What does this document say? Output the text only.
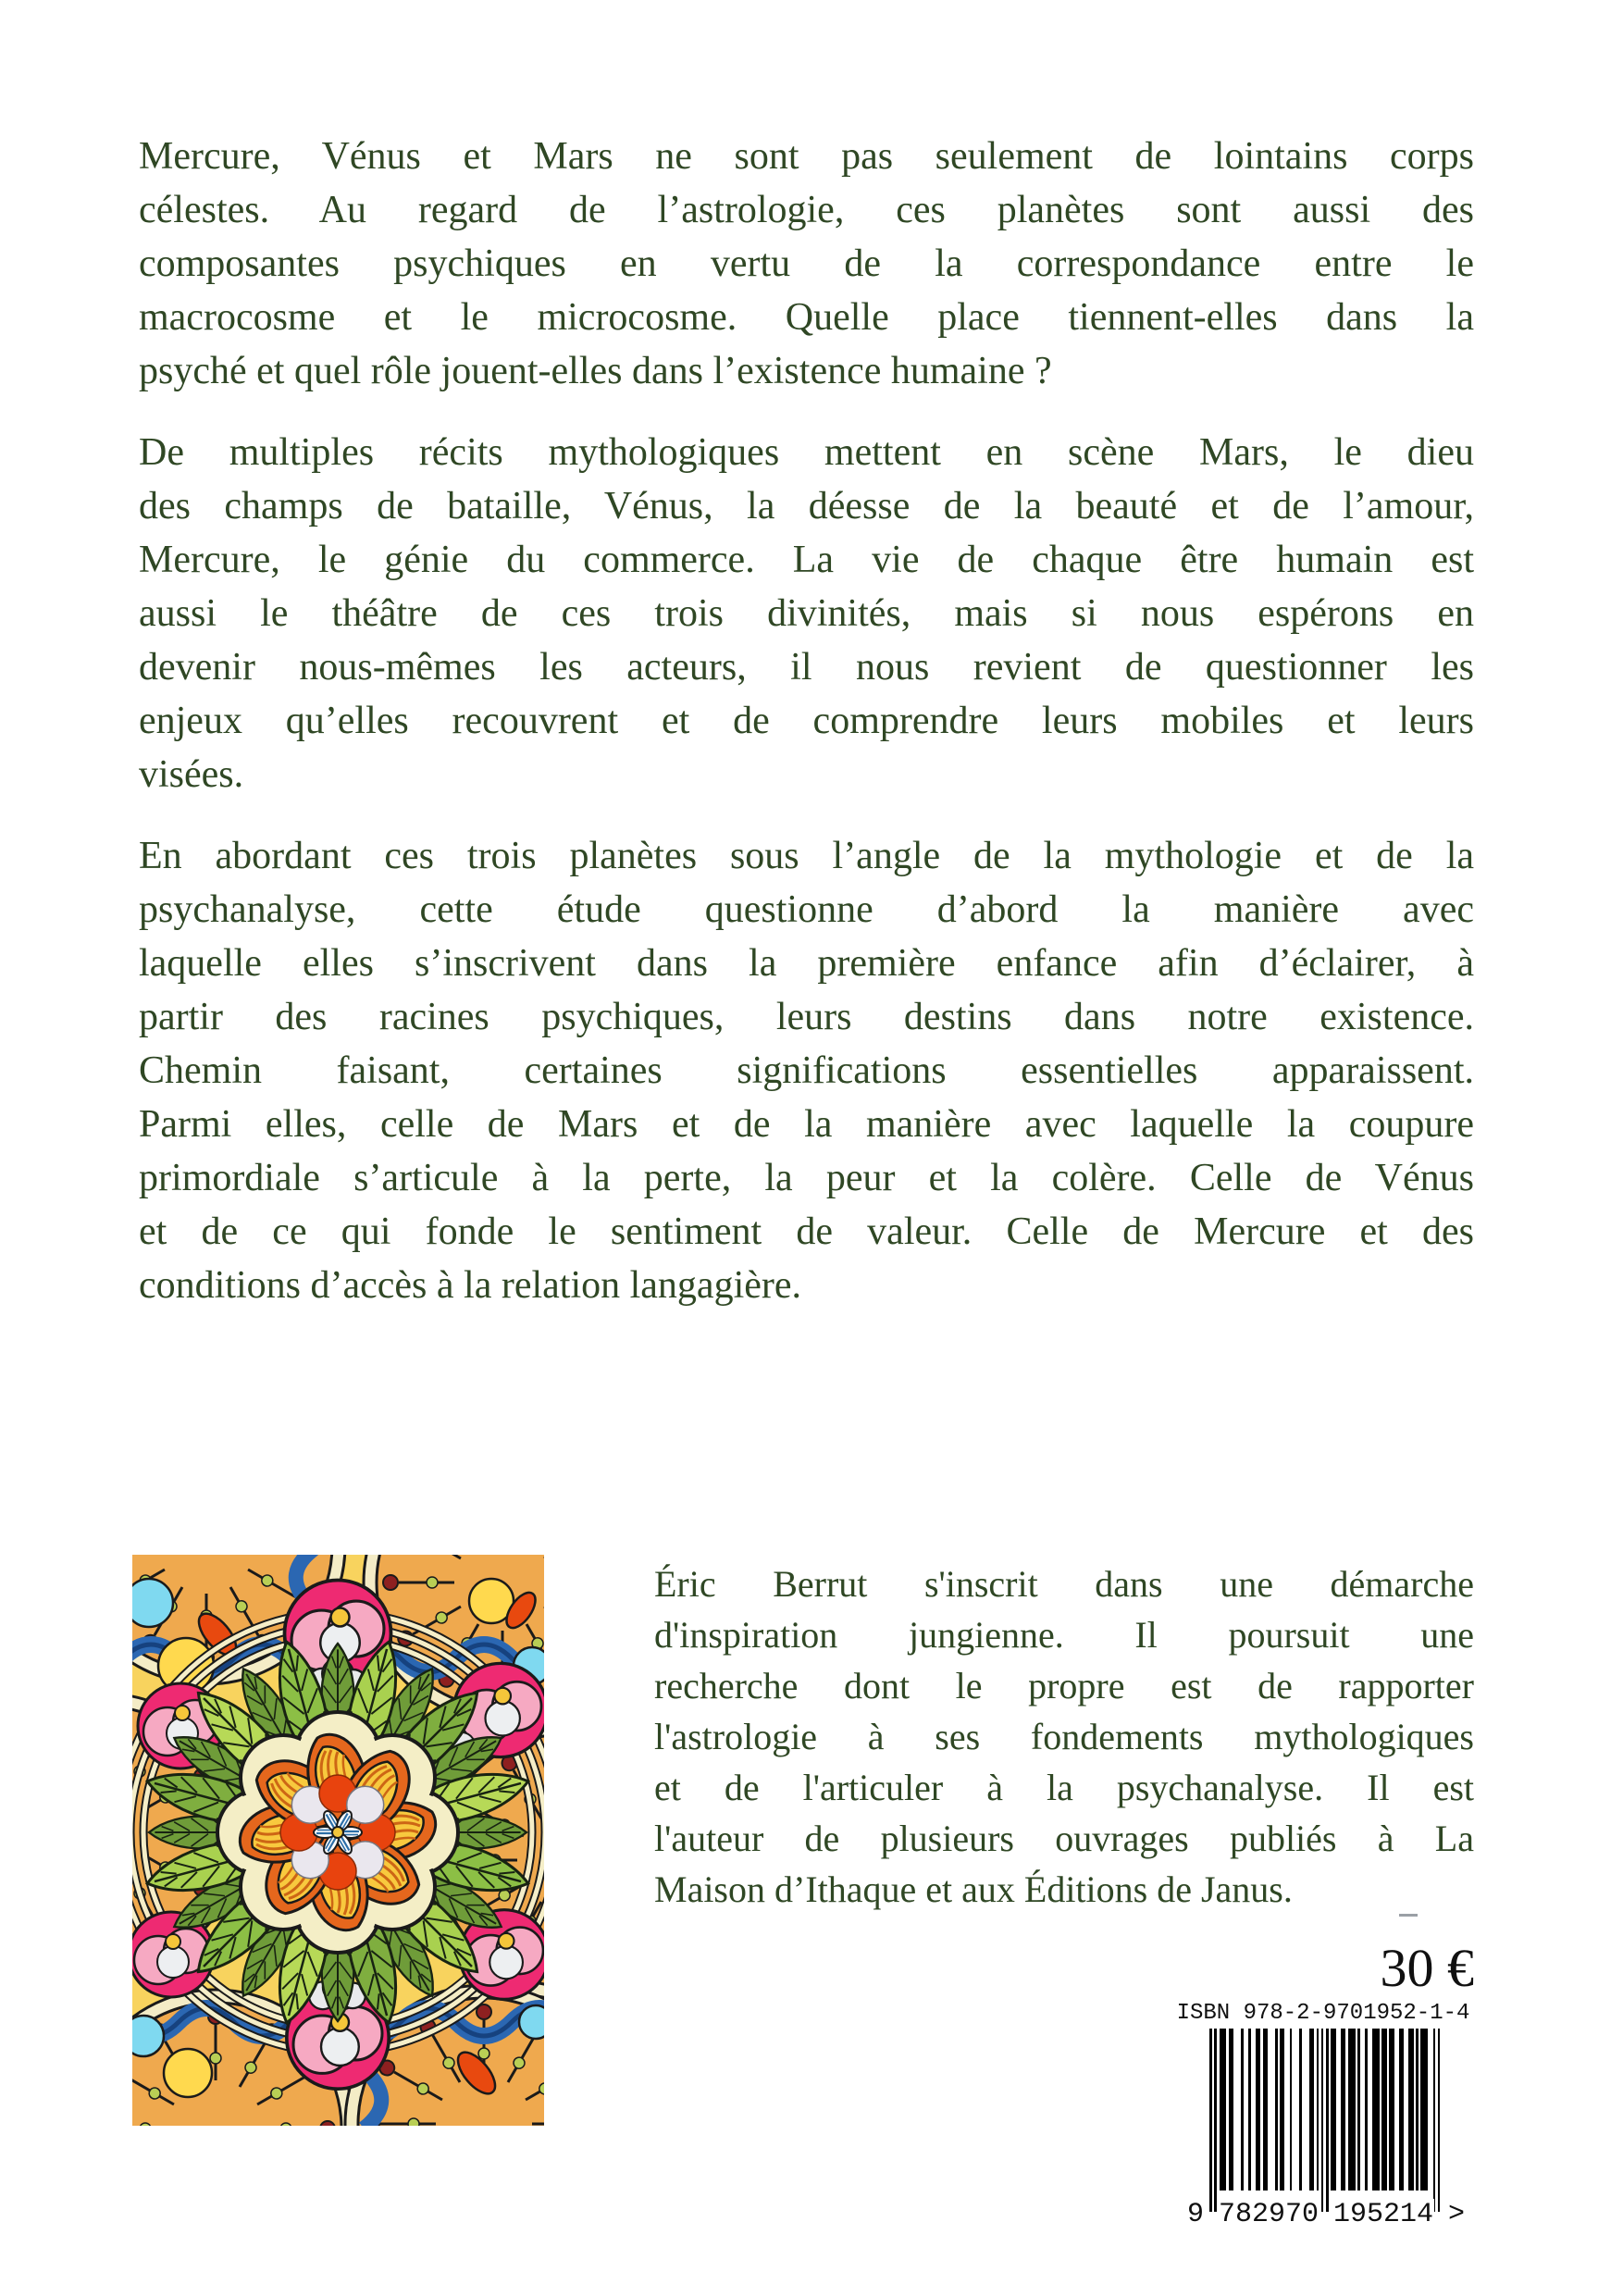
Mercure, Vénus et Mars ne sont pas seulement de lointains corps
célestes. Au regard de l’astrologie, ces planètes sont aussi des
composantes psychiques en vertu de la correspondance entre le
macrocosme et le microcosme. Quelle place tiennent-elles dans la
psyché et quel rôle jouent-elles dans l’existence humaine ?
De multiples récits mythologiques mettent en scène Mars, le dieu
des champs de bataille, Vénus, la déesse de la beauté et de l’amour,
Mercure, le génie du commerce. La vie de chaque être humain est
aussi le théâtre de ces trois divinités, mais si nous espérons en
devenir nous-mêmes les acteurs, il nous revient de questionner les
enjeux qu’elles recouvrent et de comprendre leurs mobiles et leurs
visées.
En abordant ces trois planètes sous l’angle de la mythologie et de la
psychanalyse, cette étude questionne d’abord la manière avec
laquelle elles s’inscrivent dans la première enfance afin d’éclairer, à
partir des racines psychiques, leurs destins dans notre existence.
Chemin faisant, certaines significations essentielles apparaissent.
Parmi elles, celle de Mars et de la manière avec laquelle la coupure
primordiale s’articule à la perte, la peur et la colère. Celle de Vénus
et de ce qui fonde le sentiment de valeur. Celle de Mercure et des
conditions d’accès à la relation langagière.
Éric Berrut s'inscrit dans une démarche
d'inspiration jungienne. Il poursuit une
recherche dont le propre est de rapporter
l'astrologie à ses fondements mythologiques
et de l'articuler à la psychanalyse. Il est
l'auteur de plusieurs ouvrages publiés à La
Maison d’Ithaque et aux Éditions de Janus.
30 €
ISBN 978-2-9701952-1-4
9 782970 195214 >
